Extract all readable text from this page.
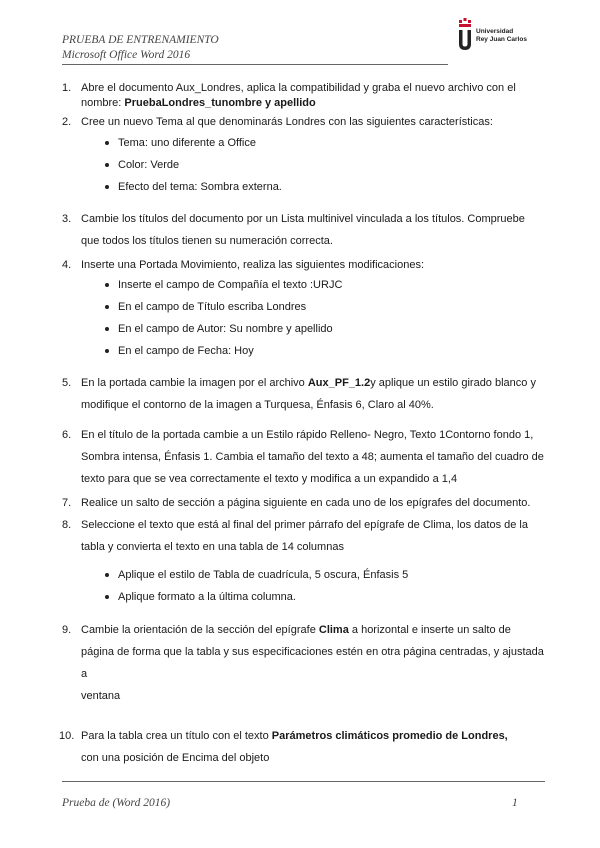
PRUEBA DE ENTRENAMIENTO
Microsoft Office Word 2016
Universidad
Rey Juan Carlos
1. Abre el documento Aux_Londres, aplica la compatibilidad y graba el nuevo archivo con el
nombre: PruebaLondres_tunombre y apellido
2. Cree un nuevo Tema al que denominarás Londres con las siguientes características:
Tema: uno diferente a Office
Color: Verde
Efecto del tema: Sombra externa.
3. Cambie los títulos del documento por un Lista multinivel vinculada a los títulos. Compruebe
que todos los títulos tienen su numeración correcta.
4. Inserte una Portada Movimiento, realiza las siguientes modificaciones:
Inserte el campo de Compañía el texto :URJC
En el campo de Título escriba Londres
En el campo de Autor: Su nombre y apellido
En el campo de Fecha: Hoy
5. En la portada cambie la imagen por el archivo Aux_PF_1.2y aplique un estilo girado blanco y
modifique el contorno de la imagen a Turquesa, Énfasis 6, Claro al 40%.
6. En el título de la portada cambie a un Estilo rápido Relleno- Negro, Texto 1Contorno fondo 1,
Sombra intensa, Énfasis 1. Cambia el tamaño del texto a 48; aumenta el tamaño del cuadro de
texto para que se vea correctamente el texto y modifica a un expandido a 1,4
7. Realice un salto de sección a página siguiente en cada uno de los epígrafes del documento.
8. Seleccione el texto que está al final del primer párrafo del epígrafe de Clima, los datos de la
tabla y convierta el texto en una tabla de 14 columnas
Aplique el estilo de Tabla de cuadrícula, 5 oscura, Énfasis 5
Aplique formato a la última columna.
9. Cambie la orientación de la sección del epígrafe Clima a horizontal e inserte un salto de
página de forma que la tabla y sus especificaciones estén en otra página centradas, y ajustada a
ventana
10. Para la tabla crea un título con el texto Parámetros climáticos promedio de Londres,
con una posición de Encima del objeto
Prueba de (Word 2016)	1
